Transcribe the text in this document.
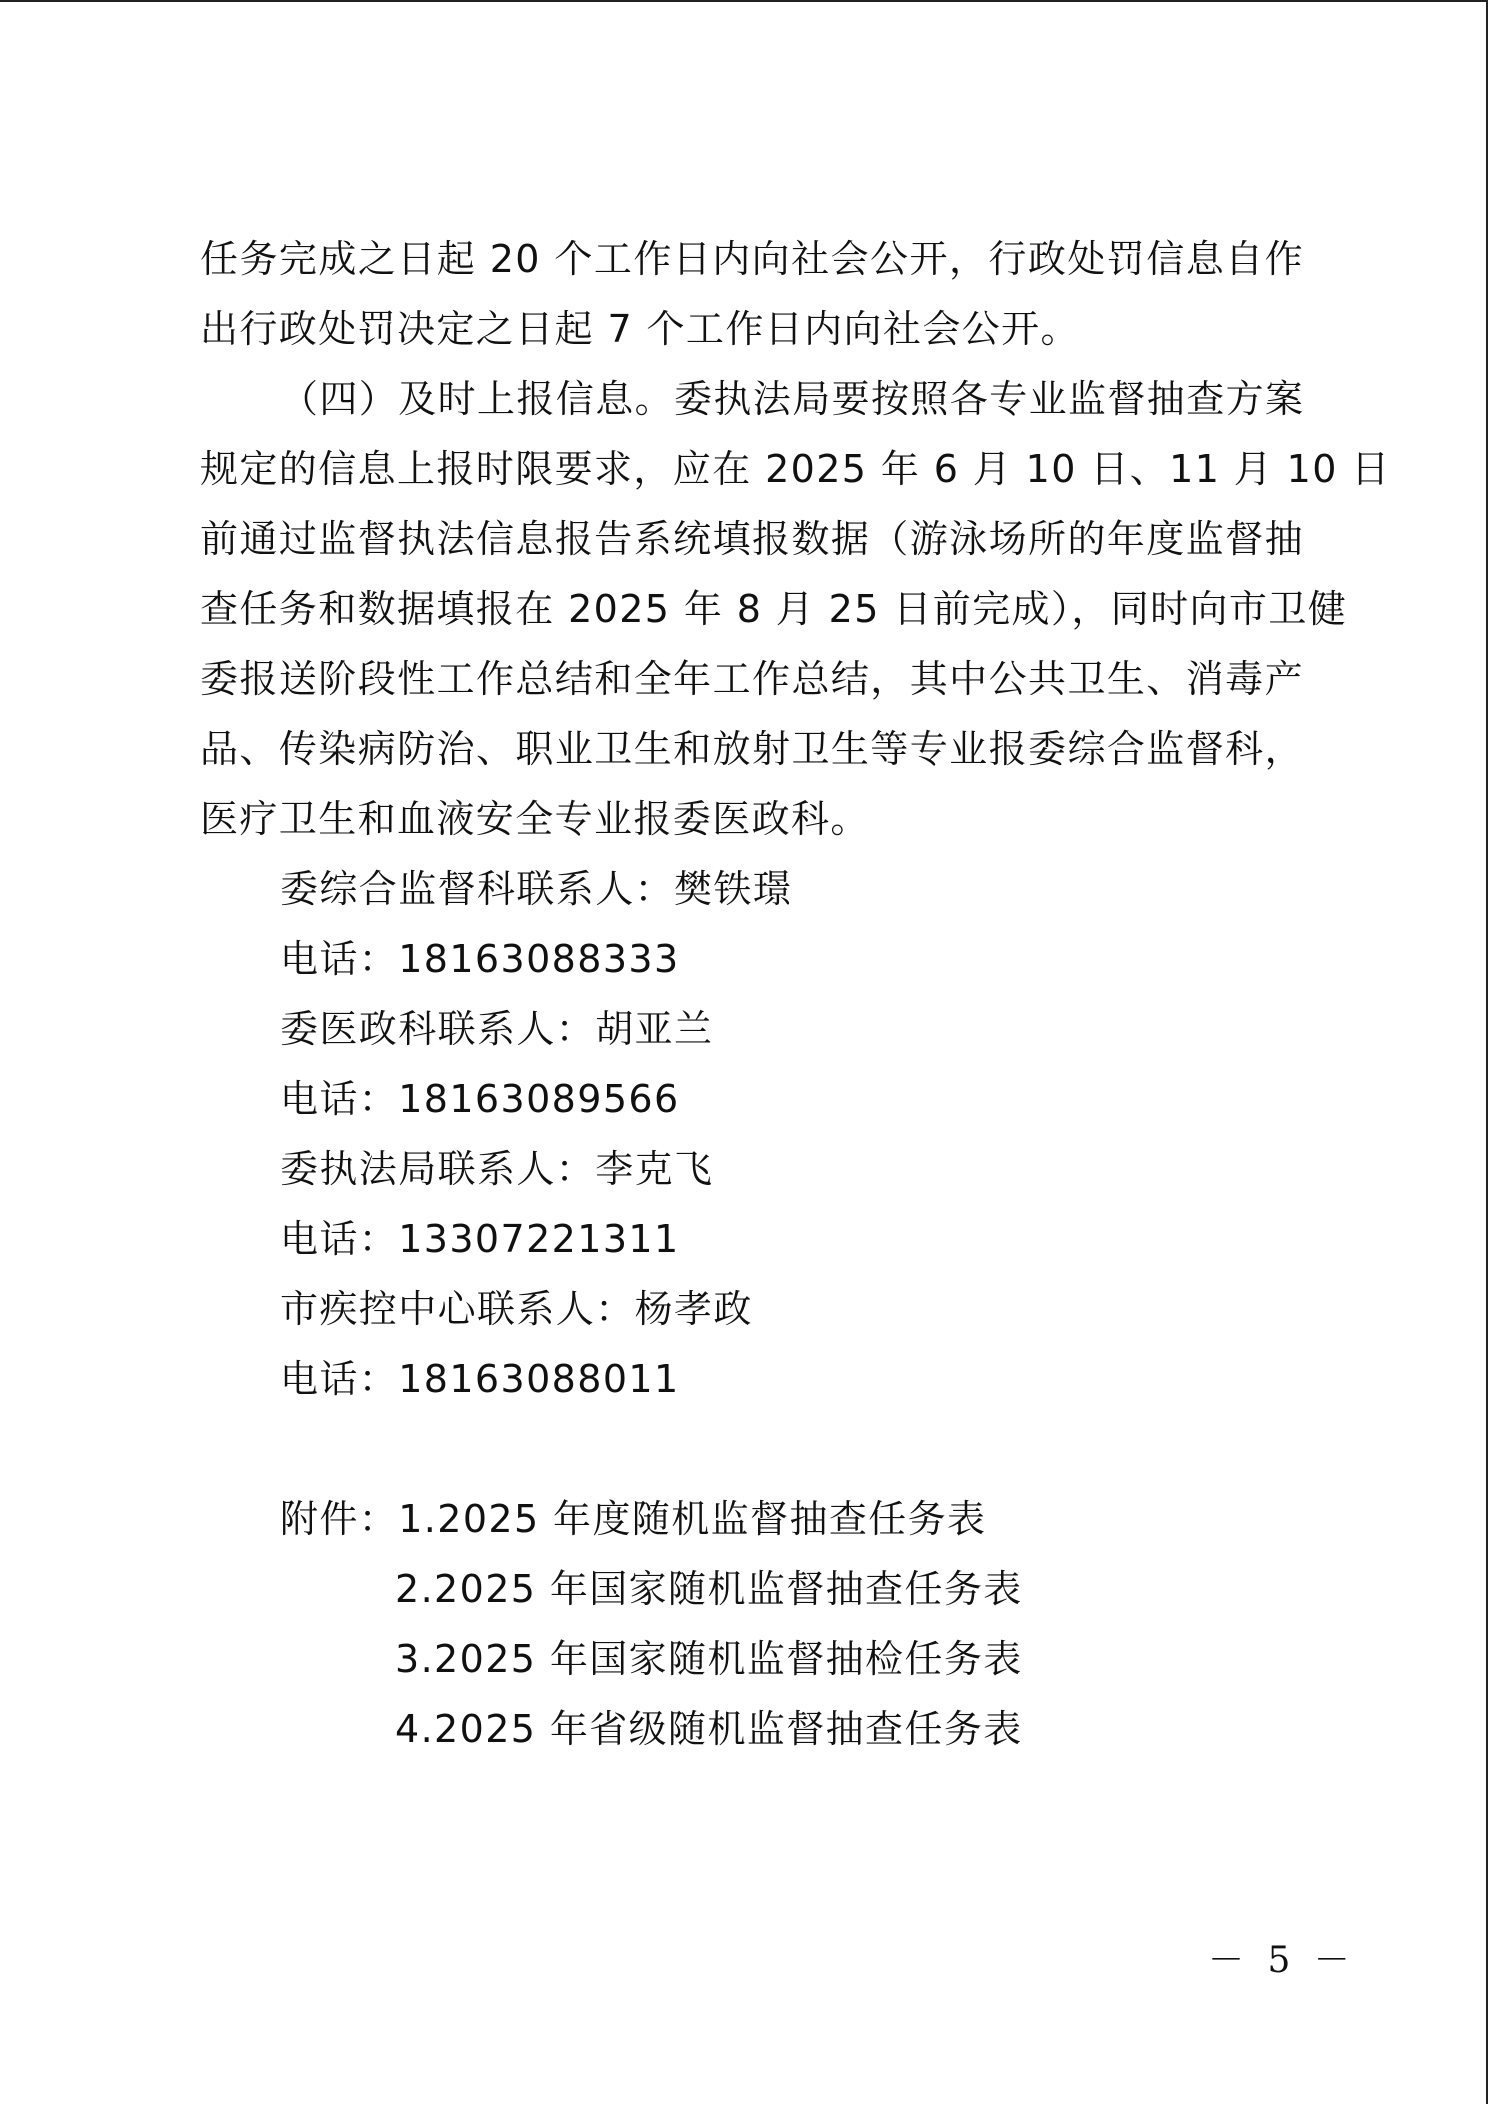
任务完成之日起 20 个工作日内向社会公开，行政处罚信息自作
出行政处罚决定之日起 7 个工作日内向社会公开。
（四）及时上报信息。委执法局要按照各专业监督抽查方案
规定的信息上报时限要求，应在 2025 年 6 月 10 日、11 月 10 日
前通过监督执法信息报告系统填报数据（游泳场所的年度监督抽
查任务和数据填报在 2025 年 8 月 25 日前完成），同时向市卫健
委报送阶段性工作总结和全年工作总结，其中公共卫生、消毒产
品、传染病防治、职业卫生和放射卫生等专业报委综合监督科，
医疗卫生和血液安全专业报委医政科。
委综合监督科联系人：樊铁璟
电话：18163088333
委医政科联系人：胡亚兰
电话：18163089566
委执法局联系人：李克飞
电话：13307221311
市疾控中心联系人：杨孝政
电话：18163088011
附件：1.2025 年度随机监督抽查任务表
2.2025 年国家随机监督抽查任务表
3.2025 年国家随机监督抽检任务表
4.2025 年省级随机监督抽查任务表
－ 5 －
